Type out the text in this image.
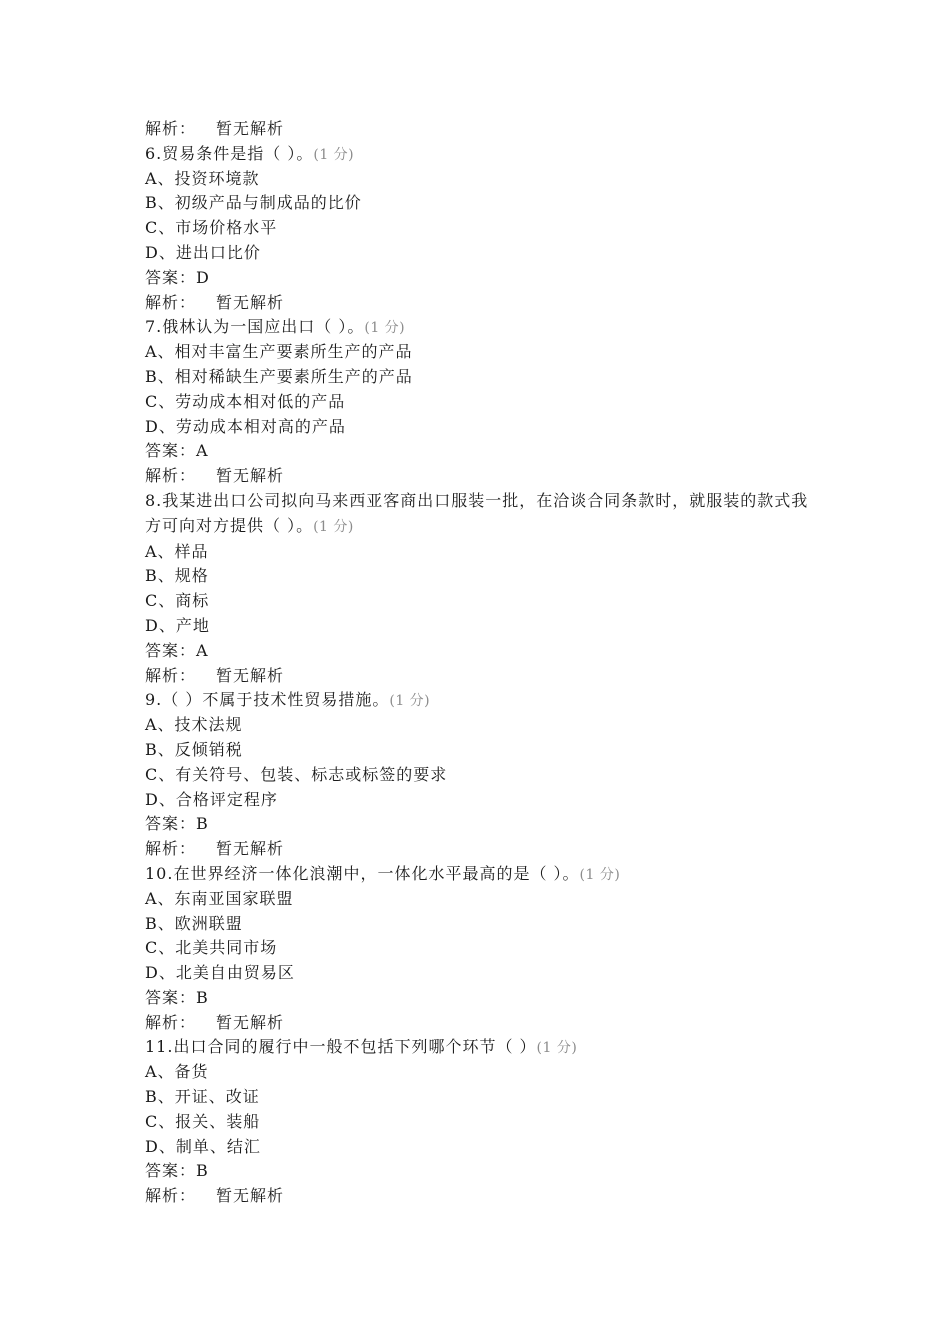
解析： 暂无解析
6.贸易条件是指（ ）。(1 分)
A、投资环境款
B、初级产品与制成品的比价
C、市场价格水平
D、进出口比价
答案：D
解析： 暂无解析
7.俄林认为一国应出口（ ）。(1 分)
A、相对丰富生产要素所生产的产品
B、相对稀缺生产要素所生产的产品
C、劳动成本相对低的产品
D、劳动成本相对高的产品
答案：A
解析： 暂无解析
8.我某进出口公司拟向马来西亚客商出口服装一批，在洽谈合同条款时，就服装的款式我方可向对方提供（ ）。(1 分)
A、样品
B、规格
C、商标
D、产地
答案：A
解析： 暂无解析
9.（ ）不属于技术性贸易措施。(1 分)
A、技术法规
B、反倾销税
C、有关符号、包装、标志或标签的要求
D、合格评定程序
答案：B
解析： 暂无解析
10.在世界经济一体化浪潮中，一体化水平最高的是（ ）。(1 分)
A、东南亚国家联盟
B、欧洲联盟
C、北美共同市场
D、北美自由贸易区
答案：B
解析： 暂无解析
11.出口合同的履行中一般不包括下列哪个环节（ ）(1 分)
A、备货
B、开证、改证
C、报关、装船
D、制单、结汇
答案：B
解析： 暂无解析
